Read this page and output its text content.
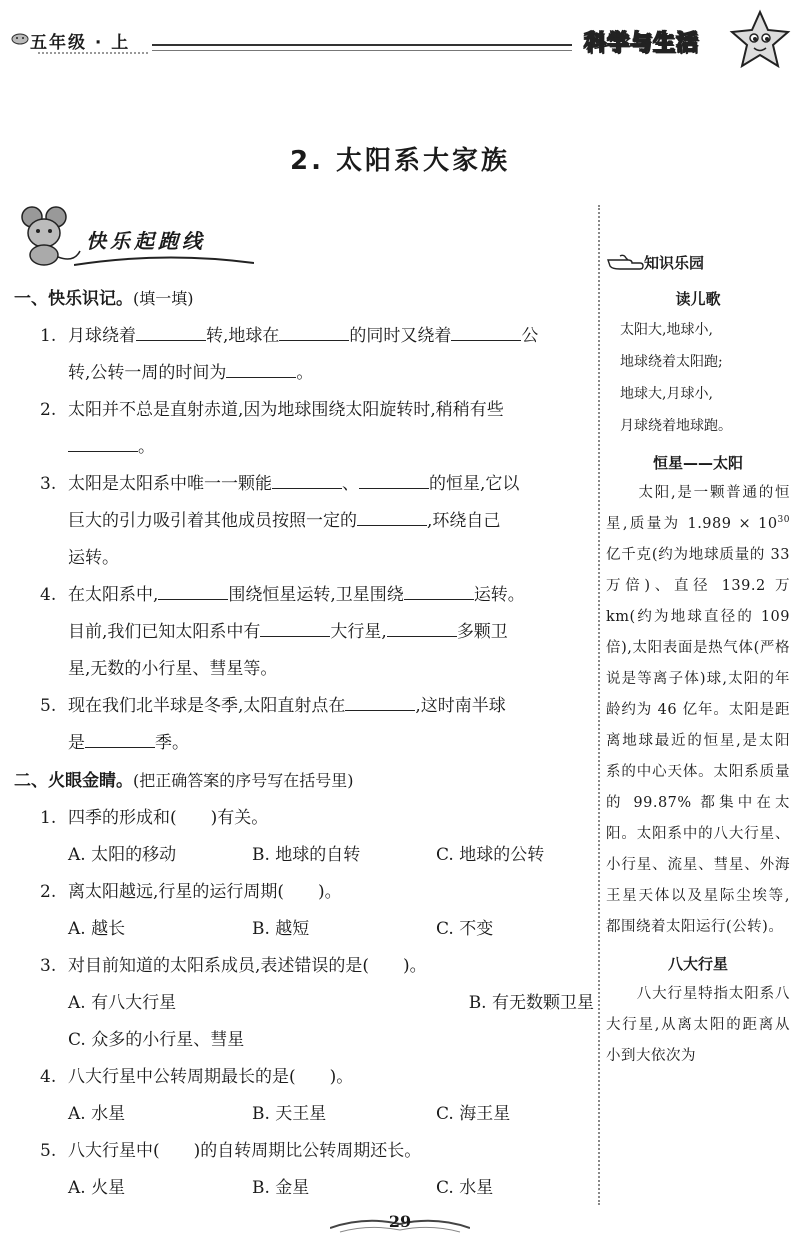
五年级 · 上	科学与生活
2. 太阳系大家族
快乐起跑线
一、快乐识记。(填一填)
1. 月球绕着	转,地球在	的同时又绕着	公
转,公转一周的时间为	。
2. 太阳并不总是直射赤道,因为地球围绕太阳旋转时,稍稍有些
。
3. 太阳是太阳系中唯一一颗能	、	的恒星,它以
巨大的引力吸引着其他成员按照一定的	,环绕自己
运转。
4. 在太阳系中,	围绕恒星运转,卫星围绕	运转。
目前,我们已知太阳系中有	大行星,	多颗卫
星,无数的小行星、彗星等。
5. 现在我们北半球是冬季,太阳直射点在	,这时南半球
是	季。
二、火眼金睛。(把正确答案的序号写在括号里)
1. 四季的形成和(　　)有关。
A. 太阳的移动	B. 地球的自转	C. 地球的公转
2. 离太阳越远,行星的运行周期(　　)。
A. 越长	B. 越短	C. 不变
3. 对目前知道的太阳系成员,表述错误的是(　　)。
A. 有八大行星	B. 有无数颗卫星
C. 众多的小行星、彗星
4. 八大行星中公转周期最长的是(　　)。
A. 水星	B. 天王星	C. 海王星
5. 八大行星中(　　)的自转周期比公转周期还长。
A. 火星	B. 金星	C. 水星
知识乐园
读儿歌
太阳大,地球小,
地球绕着太阳跑;
地球大,月球小,
月球绕着地球跑。
恒星——太阳
　　太阳,是一颗普通的恒星,质量为 $1.989 \times 10^{30}$ 亿千克(约为地球质量的 33 万倍)、直径 139.2 万 km(约为地球直径的 109 倍),太阳表面是热气体(严格说是等离子体)球,太阳的年龄约为 46 亿年。太阳是距离地球最近的恒星,是太阳系的中心天体。太阳系质量的 99.87% 都集中在太阳。太阳系中的八大行星、小行星、流星、彗星、外海王星天体以及星际尘埃等,都围绕着太阳运行(公转)。
八大行星
　　八大行星特指太阳系八大行星,从离太阳的距离从小到大依次为
29
